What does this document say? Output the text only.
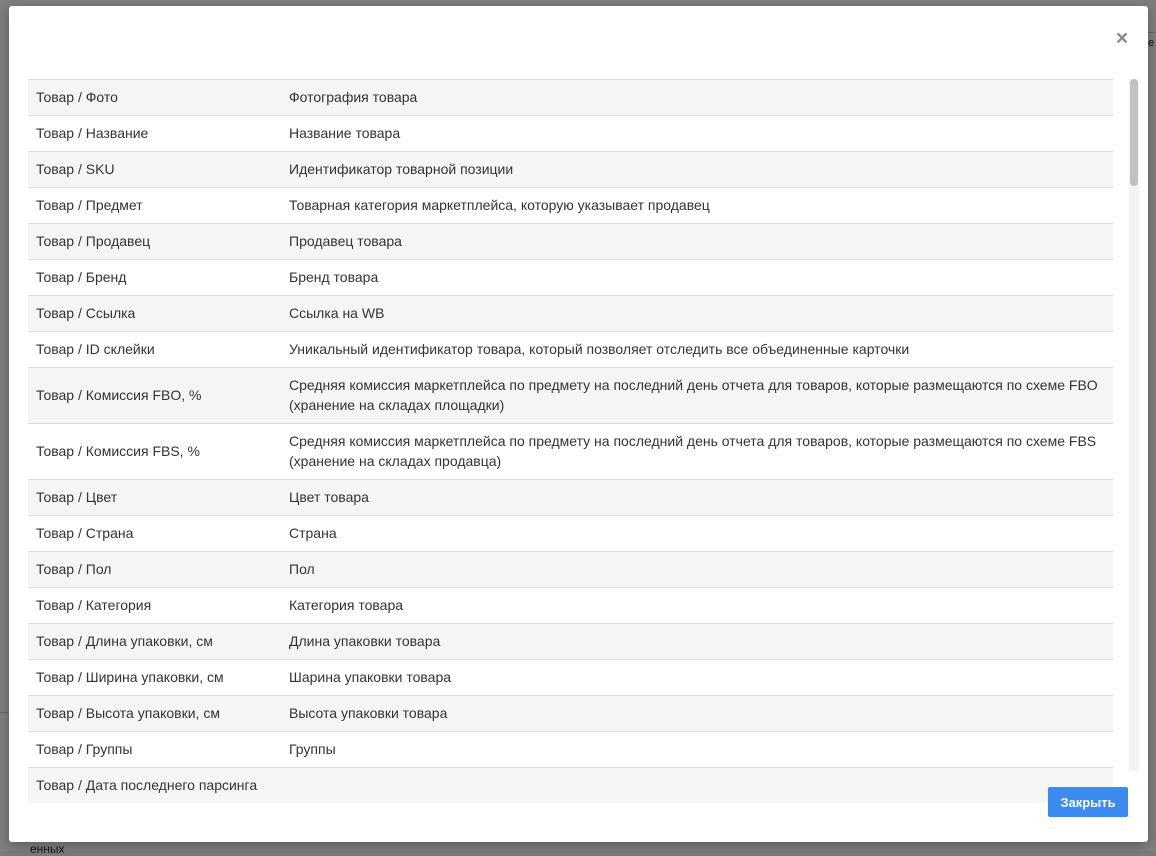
×
Товар / Фото	Фотография товара
Товар / Название	Название товара
Товар / SKU	Идентификатор товарной позиции
Товар / Предмет	Товарная категория маркетплейса, которую указывает продавец
Товар / Продавец	Продавец товара
Товар / Бренд	Бренд товара
Товар / Ссылка	Ссылка на WB
Товар / ID склейки	Уникальный идентификатор товара, который позволяет отследить все объединенные карточки
Товар / Комиссия FBO, %	Средняя комиссия маркетплейса по предмету на последний день отчета для товаров, которые размещаются по схеме FBO (хранение на складах площадки)
Товар / Комиссия FBS, %	Средняя комиссия маркетплейса по предмету на последний день отчета для товаров, которые размещаются по схеме FBS (хранение на складах продавца)
Товар / Цвет	Цвет товара
Товар / Страна	Страна
Товар / Пол	Пол
Товар / Категория	Категория товара
Товар / Длина упаковки, см	Длина упаковки товара
Товар / Ширина упаковки, см	Шарина упаковки товара
Товар / Высота упаковки, см	Высота упаковки товара
Товар / Группы	Группы
Товар / Дата последнего парсинга	
Закрыть
